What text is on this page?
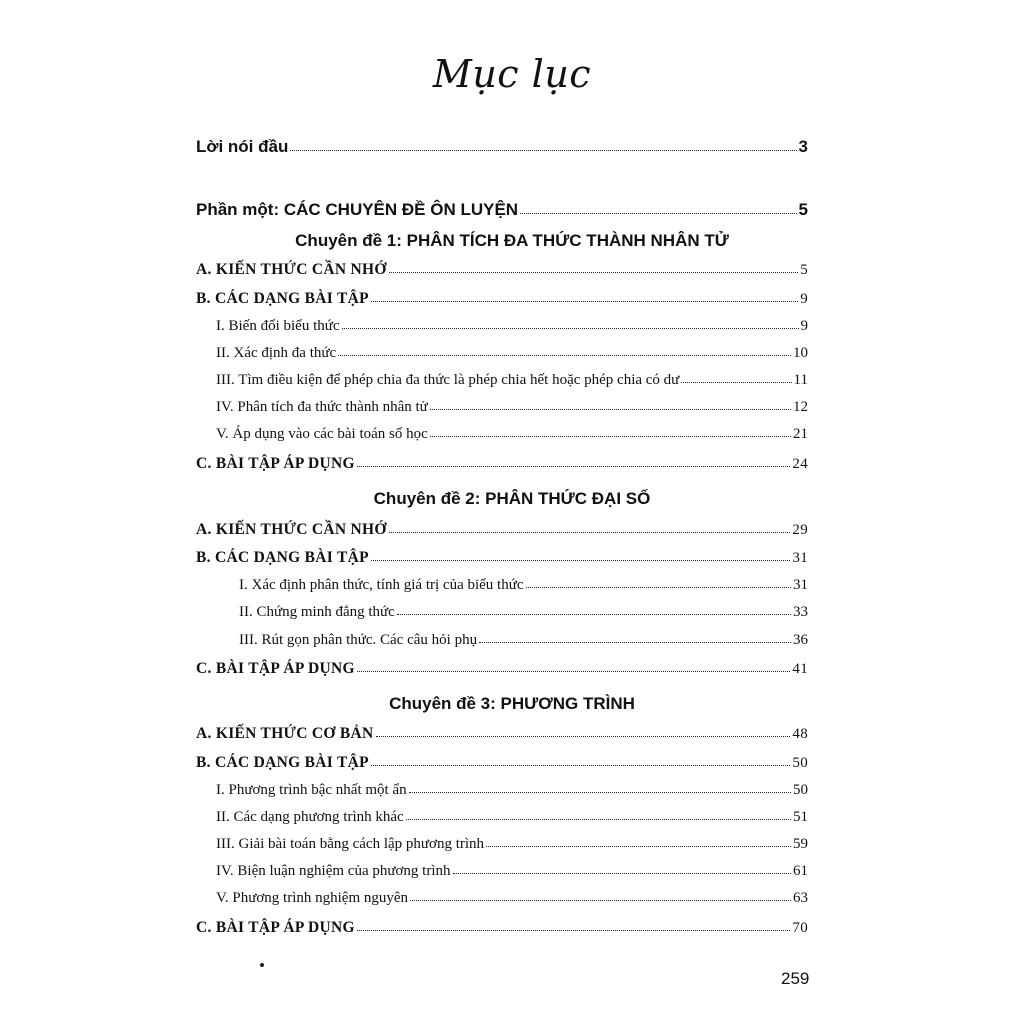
Mục lục
Lời nói đầu	3
Phần một: CÁC CHUYÊN ĐỀ ÔN LUYỆN	5
Chuyên đề 1: PHÂN TÍCH ĐA THỨC THÀNH NHÂN TỬ
A. KIẾN THỨC CẦN NHỚ	5
B. CÁC DẠNG BÀI TẬP	9
I. Biến đổi biểu thức	9
II. Xác định đa thức	10
III. Tìm điều kiện để phép chia đa thức là phép chia hết hoặc phép chia có dư	11
IV. Phân tích đa thức thành nhân tử	12
V. Áp dụng vào các bài toán số học	21
C. BÀI TẬP ÁP DỤNG	24
Chuyên đề 2: PHÂN THỨC ĐẠI SỐ
A. KIẾN THỨC CẦN NHỚ	29
B. CÁC DẠNG BÀI TẬP	31
I. Xác định phân thức, tính giá trị của biểu thức	31
II. Chứng minh đẳng thức	33
III. Rút gọn phân thức. Các câu hỏi phụ	36
C. BÀI TẬP ÁP DỤNG	41
Chuyên đề 3: PHƯƠNG TRÌNH
A. KIẾN THỨC CƠ BẢN	48
B. CÁC DẠNG BÀI TẬP	50
I. Phương trình bậc nhất một ẩn	50
II. Các dạng phương trình khác	51
III. Giải bài toán bằng cách lập phương trình	59
IV. Biện luận nghiệm của phương trình	61
V. Phương trình nghiệm nguyên	63
C. BÀI TẬP ÁP DỤNG	70
259
